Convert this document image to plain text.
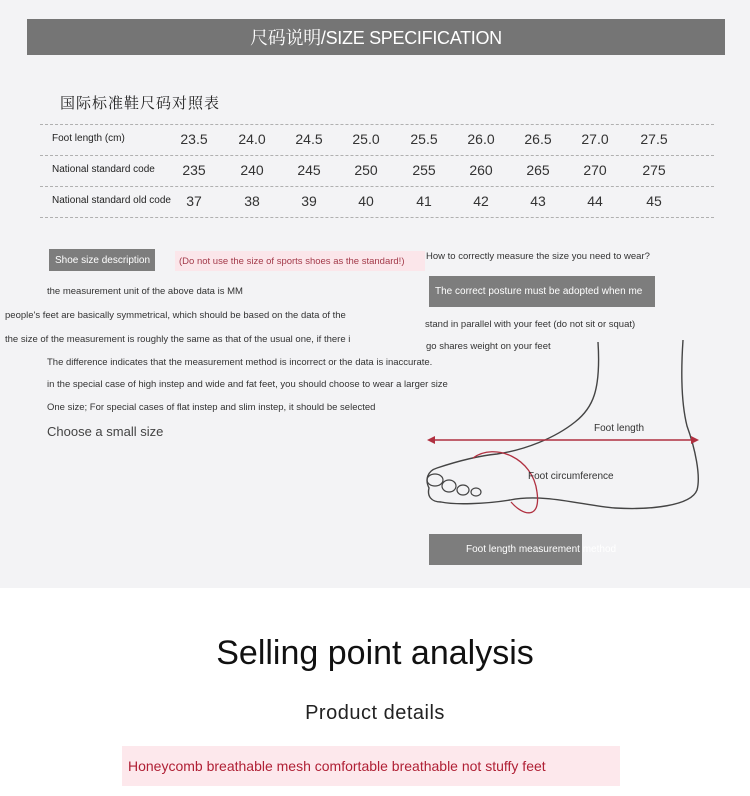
尺码说明/SIZE SPECIFICATION
国际标准鞋尺码对照表
Foot length (cm)	23.5	24.0	24.5	25.0	25.5	26.0	26.5	27.0	27.5
National standard code	235	240	245	250	255	260	265	270	275
National standard old code	37	38	39	40	41	42	43	44	45
Shoe size description	(Do not use the size of sports shoes as the standard!)
the measurement unit of the above data is MM
people's feet are basically symmetrical, which should be based on the data of the
the size of the measurement is roughly the same as that of the usual one, if there i
The difference indicates that the measurement method is incorrect or the data is inaccurate.
in the special case of high instep and wide and fat feet, you should choose to wear a larger size
One size; For special cases of flat instep and slim instep, it should be selected
Choose a small size
How to correctly measure the size you need to wear?
The correct posture must be adopted when me
stand in parallel with your feet (do not sit or squat)
go shares weight on your feet
Foot length
Foot circumference
Foot length measurement method
Selling point analysis
Product details
Honeycomb breathable mesh comfortable breathable not stuffy feet
